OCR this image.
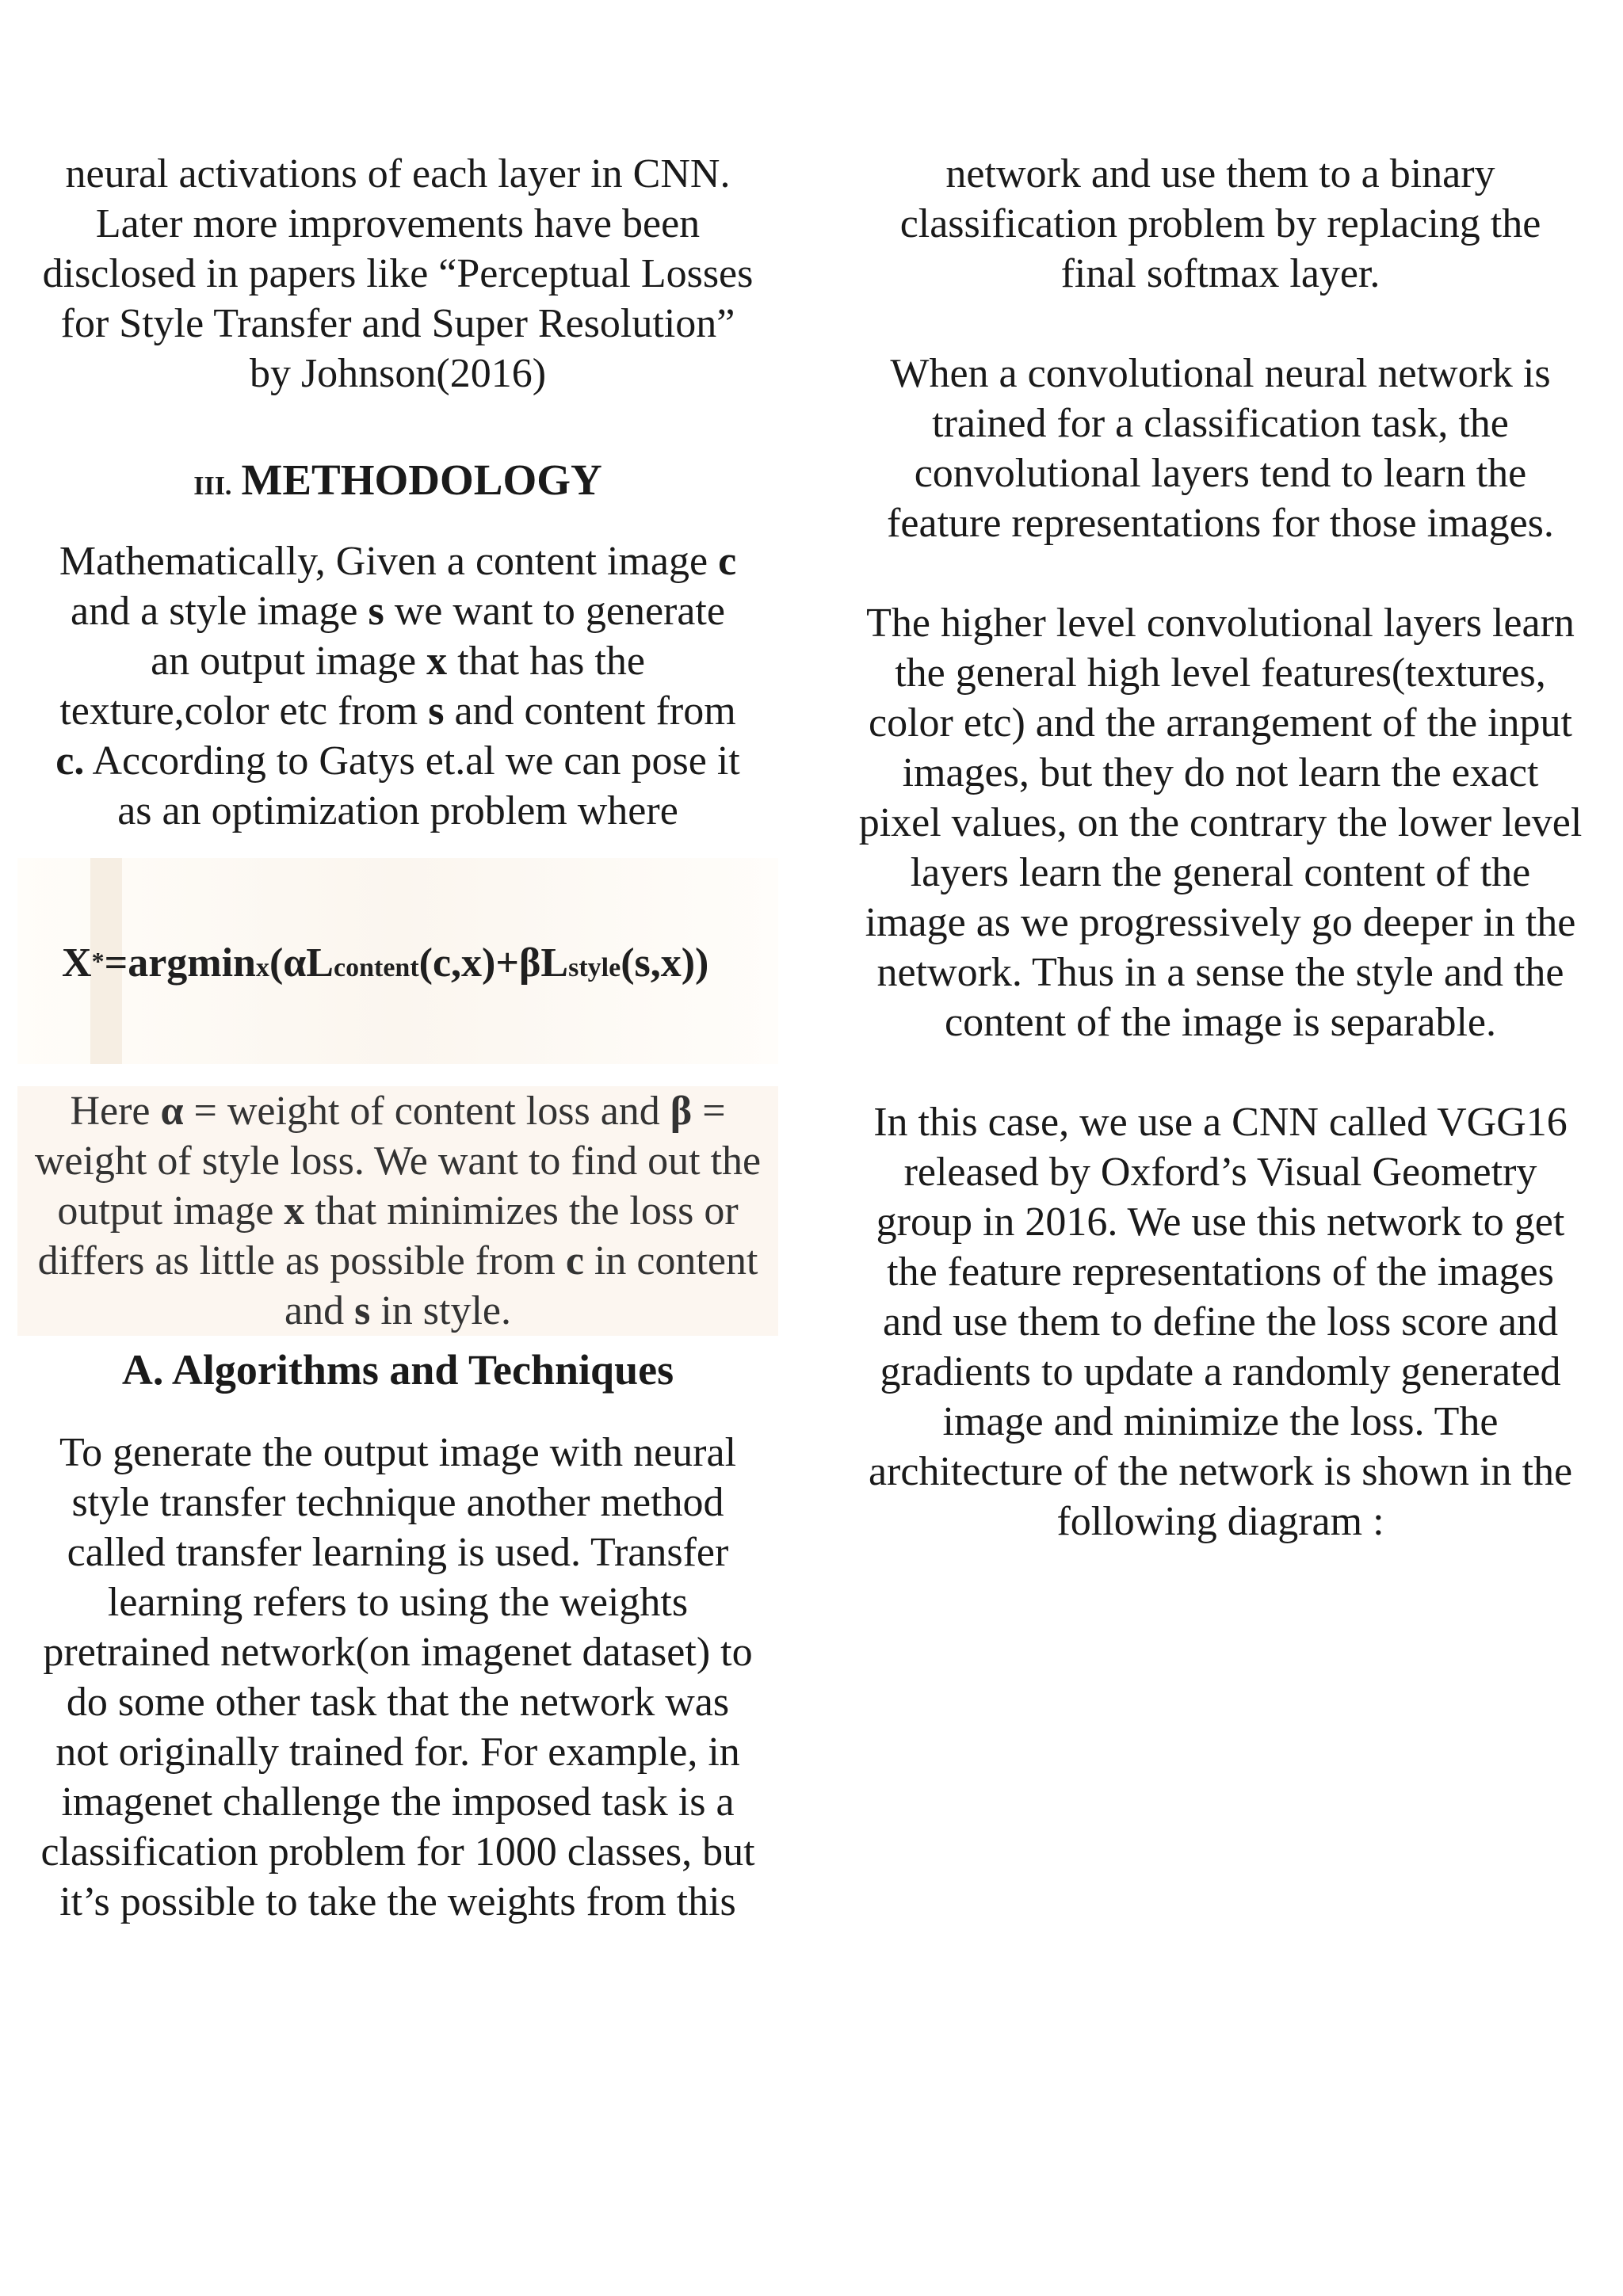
neural activations of each layer in CNN.

Later more improvements have been

disclosed in papers like “Perceptual Losses

for Style Transfer and Super Resolution”

by Johnson(2016)

III. METHODOLOGY

Mathematically, Given a content image c

and a style image s we want to generate

an output image x that has the

texture,color etc from s and content from

c. According to Gatys et.al we can pose it

as an optimization problem where

X*=argminx(αLcontent(c,x)+βLstyle(s,x))

Here α = weight of content loss and β =

weight of style loss. We want to find out the

output image x that minimizes the loss or

differs as little as possible from c in content

and s in style.

A. Algorithms and Techniques

To generate the output image with neural

style transfer technique another method

called transfer learning is used. Transfer

learning refers to using the weights

pretrained network(on imagenet dataset) to

do some other task that the network was

not originally trained for. For example, in

imagenet challenge the imposed task is a

classification problem for 1000 classes, but

it’s possible to take the weights from this

network and use them to a binary

classification problem by replacing the

final softmax layer.

When a convolutional neural network is

trained for a classification task, the

convolutional layers tend to learn the

feature representations for those images.

The higher level convolutional layers learn

the general high level features(textures,

color etc) and the arrangement of the input

images, but they do not learn the exact

pixel values, on the contrary the lower level

layers learn the general content of the

image as we progressively go deeper in the

network. Thus in a sense the style and the

content of the image is separable.

In this case, we use a CNN called VGG16

released by Oxford’s Visual Geometry

group in 2016. We use this network to get

the feature representations of the images

and use them to define the loss score and

gradients to update a randomly generated

image and minimize the loss. The

architecture of the network is shown in the

following diagram :
